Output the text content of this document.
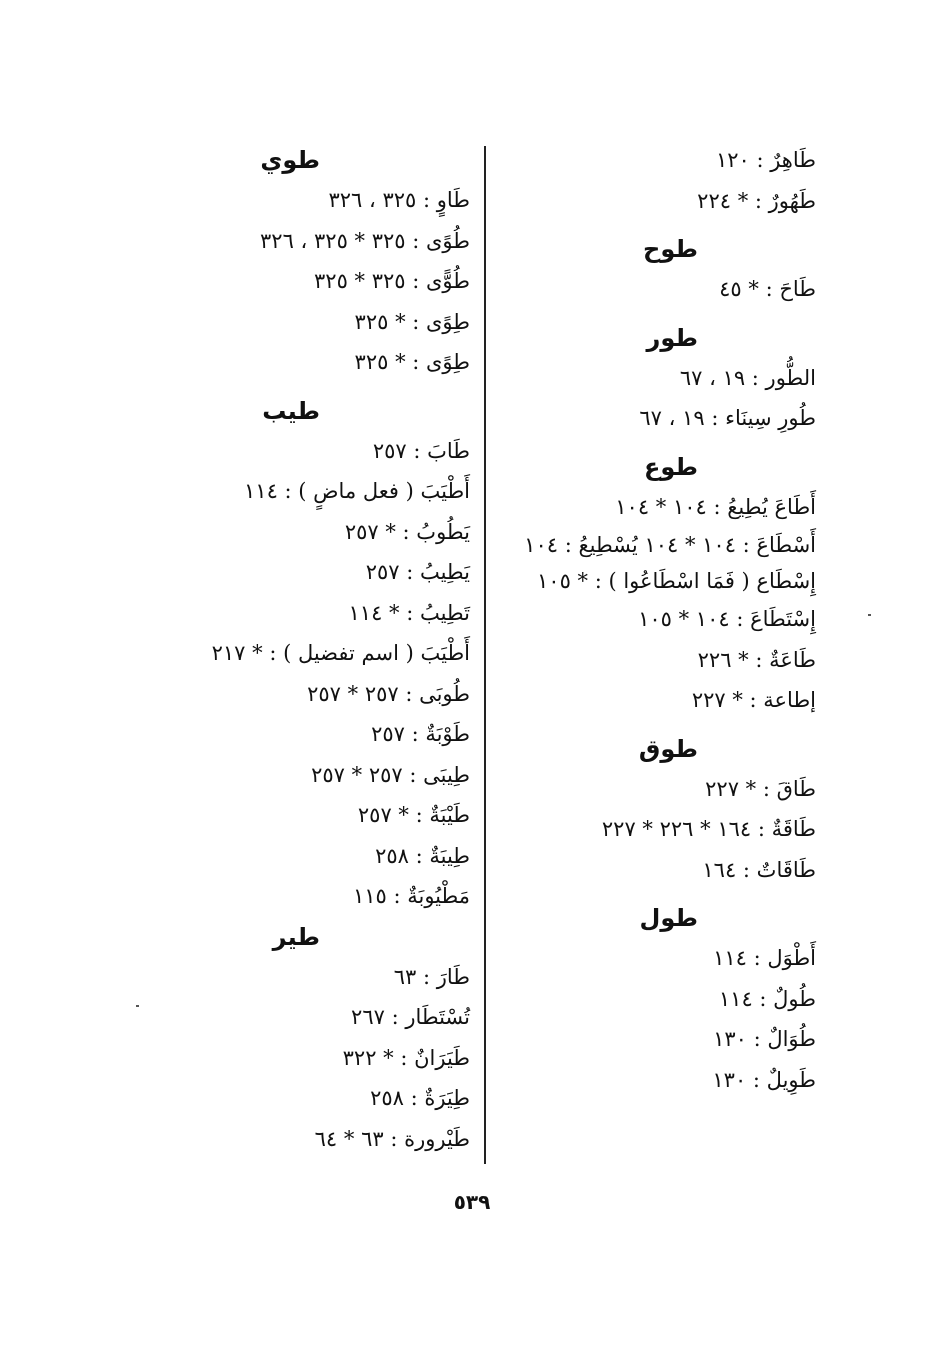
طَاهِرٌ : ١٢٠
طَهُورٌ : * ٢٢٤
طوح
طَاحَ : * ٤٥
طور
الطُّور : ١٩ ، ٦٧
طُورِ سِينَاء : ١٩ ، ٦٧
طوع
أَطَاعَ يُطِيعُ : ١٠٤ * ١٠٤
أَسْطَاعَ : ١٠٤ * ١٠٤ يُسْطِيعُ : ١٠٤
إِسْطَاع ( فَمَا اسْطَاعُوا ) : * ١٠٥
إِسْتَطَاعَ : ١٠٤ * ١٠٥
طَاعَةٌ : * ٢٢٦
إطاعة : * ٢٢٧
طوق
طَاقَ : * ٢٢٧
طَاقَةٌ : ١٦٤ * ٢٢٦ * ٢٢٧
طَاقَاتٌ : ١٦٤
طول
أَطْوَل : ١١٤
طُولٌ : ١١٤
طُوَالٌ : ١٣٠
طَوِيلٌ : ١٣٠
طوي
طَاوٍ : ٣٢٥ ، ٣٢٦
طُوًى : ٣٢٥ * ٣٢٥ ، ٣٢٦
طُوًّى : ٣٢٥ * ٣٢٥
طِوًى : * ٣٢٥
طِوًى : * ٣٢٥
طيب
طَابَ : ٢٥٧
أَطْيَبَ ( فعل ماضٍ ) : ١١٤
يَطُوبُ : * ٢٥٧
يَطِيبُ : ٢٥٧
تَطِيبُ : * ١١٤
أَطْيَبَ ( اسم تفضيل ) : * ٢١٧
طُوبَى : ٢٥٧ * ٢٥٧
طَوْبَةٌ : ٢٥٧
طِيبَى : ٢٥٧ * ٢٥٧
طَيْبَةٌ : * ٢٥٧
طِيبَةٌ : ٢٥٨
مَطْيُوبَةٌ : ١١٥
طير
طَارَ : ٦٣
تُسْتَطَار : ٢٦٧
طَيَرَانٌ : * ٣٢٢
طِيَرَةٌ : ٢٥٨
طَيْرورة : ٦٣ * ٦٤
٥٣٩
